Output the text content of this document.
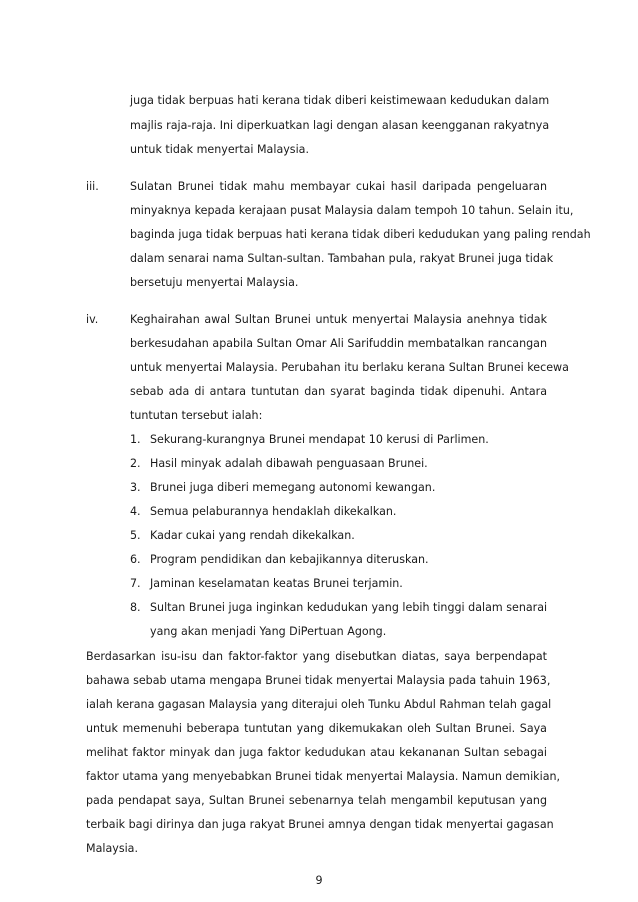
juga tidak berpuas hati kerana tidak diberi keistimewaan kedudukan dalam
majlis raja-raja. Ini diperkuatkan lagi dengan alasan keengganan rakyatnya
untuk tidak menyertai Malaysia.
iii.	Sulatan Brunei tidak mahu membayar cukai hasil daripada pengeluaran
minyaknya kepada kerajaan pusat Malaysia dalam tempoh 10 tahun. Selain itu,
baginda juga tidak berpuas hati kerana tidak diberi kedudukan yang paling rendah
dalam senarai nama Sultan-sultan. Tambahan pula, rakyat Brunei juga tidak
bersetuju menyertai Malaysia.
iv.	Keghairahan awal Sultan Brunei untuk menyertai Malaysia anehnya tidak
berkesudahan apabila Sultan Omar Ali Sarifuddin membatalkan rancangan
untuk menyertai Malaysia. Perubahan itu berlaku kerana Sultan Brunei kecewa
sebab ada di antara tuntutan dan syarat baginda tidak dipenuhi. Antara
tuntutan tersebut ialah:
1. Sekurang-kurangnya Brunei mendapat 10 kerusi di Parlimen.
2. Hasil minyak adalah dibawah penguasaan Brunei.
3. Brunei juga diberi memegang autonomi kewangan.
4. Semua pelaburannya hendaklah dikekalkan.
5. Kadar cukai yang rendah dikekalkan.
6. Program pendidikan dan kebajikannya diteruskan.
7. Jaminan keselamatan keatas Brunei terjamin.
8. Sultan Brunei juga inginkan kedudukan yang lebih tinggi dalam senarai
yang akan menjadi Yang DiPertuan Agong.
Berdasarkan isu-isu dan faktor-faktor yang disebutkan diatas, saya berpendapat
bahawa sebab utama mengapa Brunei tidak menyertai Malaysia pada tahuin 1963,
ialah kerana gagasan Malaysia yang diterajui oleh Tunku Abdul Rahman telah gagal
untuk memenuhi beberapa tuntutan yang dikemukakan oleh Sultan Brunei. Saya
melihat faktor minyak dan juga faktor kedudukan atau kekananan Sultan sebagai
faktor utama yang menyebabkan Brunei tidak menyertai Malaysia. Namun demikian,
pada pendapat saya, Sultan Brunei sebenarnya telah mengambil keputusan yang
terbaik bagi dirinya dan juga rakyat Brunei amnya dengan tidak menyertai gagasan
Malaysia.
9
